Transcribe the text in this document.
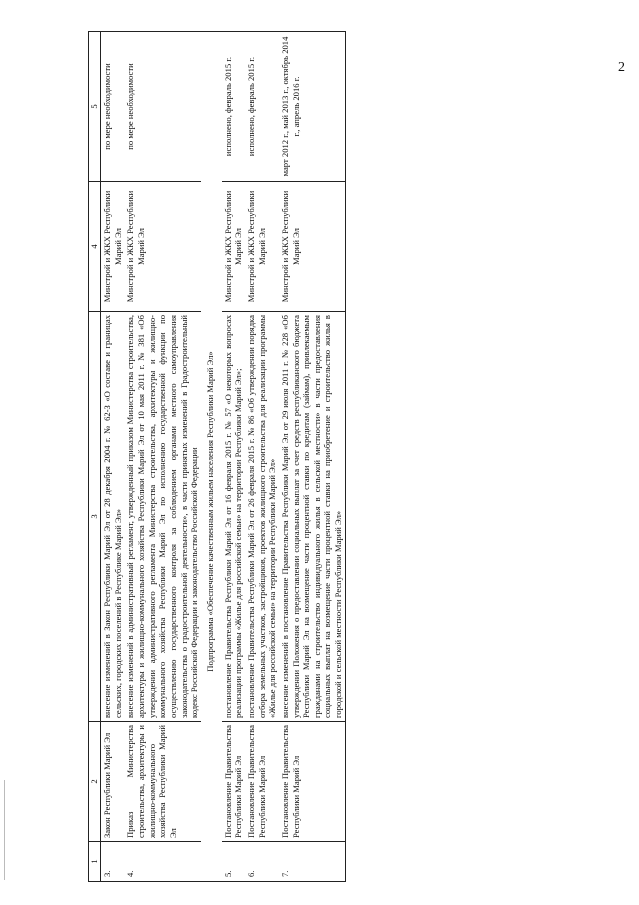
2
1	2	3	4	5
3.	Закон Республики Марий Эл	внесение изменений в Закон Республики Марий Эл от 28 декабря 2004 г. № 62-З «О составе и границах сельских, городских поселений в Республике Марий Эл»	Минстрой и ЖКХ Республики Марий Эл	по мере необходимости
4.	Приказ Министерства строительства, архитектуры и жилищно-коммунального хозяйства Республики Марий Эл	внесение изменений в административный регламент, утвержденный приказом Министерства строительства, архитектуры и жилищно-коммунального хозяйства Республики Марий Эл от 10 мая 2011 г. № 381 «Об утверждении административного регламента Министерства строительства, архитектуры и жилищно-коммунального хозяйства Республики Марий Эл по исполнению государственной функции по осуществлению государственного контроля за соблюдением органами местного самоуправления законодательства о градостроительной деятельности», в части принятых изменений в Градостроительный кодекс Российской Федерации и законодательство Российской Федерации	Минстрой и ЖКХ Республики Марий Эл	по мере необходимости
	Подпрограмма «Обеспечение качественным жильем населения Республики Марий Эл»			
5.	Постановление Правительства Республики Марий Эл	постановление Правительства Республики Марий Эл от 16 февраля 2015 г. № 57 «О некоторых вопросах реализации программы «Жилье для российской семьи» на территории Республики Марий Эл»;	Минстрой и ЖКХ Республики Марий Эл	исполнено, февраль 2015 г.
6.	Постановление Правительства Республики Марий Эл	постановление Правительства Республики Марий Эл от 26 февраля 2015 г. № 86 «Об утверждении порядка отбора земельных участков, застройщиков, проектов жилищного строительства для реализации программы «Жилье для российской семьи» на территории Республики Марий Эл»	Минстрой и ЖКХ Республики Марий Эл	исполнено, февраль 2015 г.
7.	Постановление Правительства Республики Марий Эл	внесение изменений в постановление Правительства Республики Марий Эл от 29 июля 2011 г. № 228 «Об утверждении Положения о предоставлении социальных выплат за счет средств республиканского бюджета Республики Марий Эл на возмещение части процентной ставки по кредитам (займам), привлекаемым гражданами на строительство индивидуального жилья в сельской местности» в части предоставления социальных выплат на возмещение части процентной ставки на приобретение и строительство жилья в городской и сельской местности Республики Марий Эл»	Минстрой и ЖКХ Республики Марий Эл	март 2012 г., май 2013 г., октябрь 2014 г., апрель 2016 г.
